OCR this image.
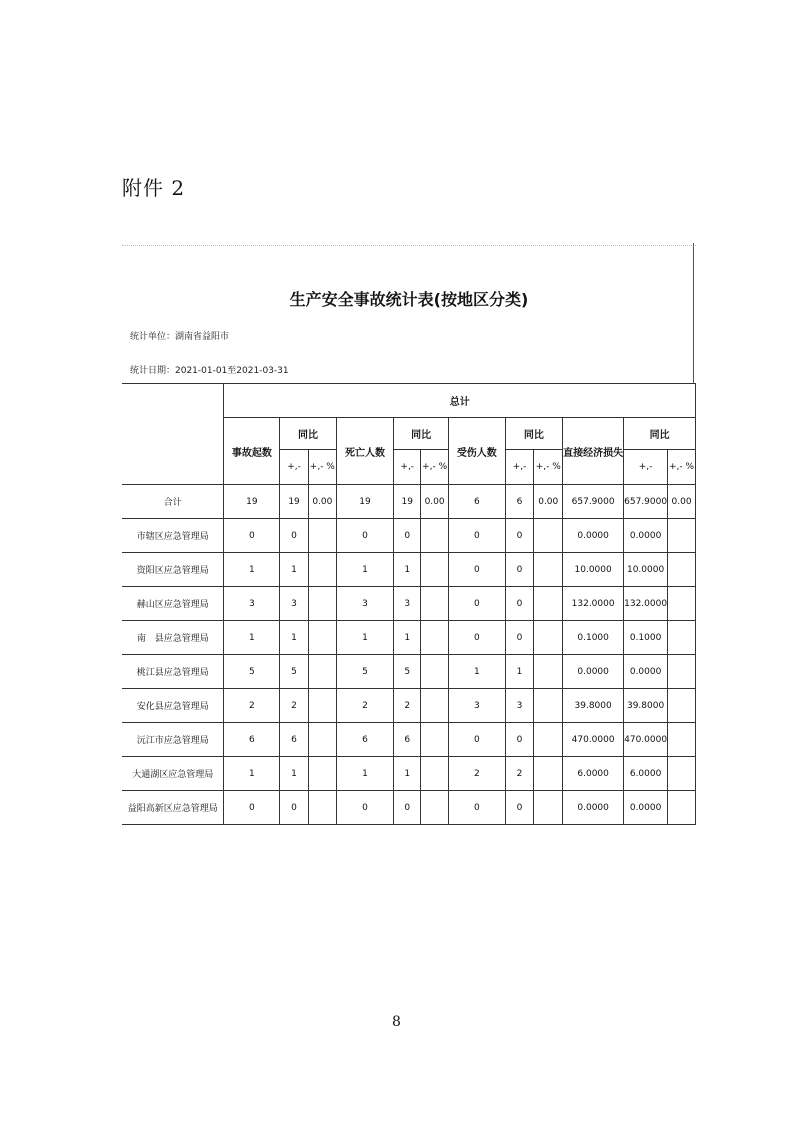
附件 2
生产安全事故统计表(按地区分类)
统计单位：湖南省益阳市
统计日期：2021-01-01至2021-03-31
	总计											
	事故起数	同比		死亡人数	同比		受伤人数	同比		直接经济损失	同比	
		+,-	+,- %		+,-	+,- %		+,-	+,- %		+,-	+,- %
合计	19	19	0.00	19	19	0.00	6	6	0.00	657.9000	657.9000	0.00
市辖区应急管理局	0	0		0	0		0	0		0.0000	0.0000	
资阳区应急管理局	1	1		1	1		0	0		10.0000	10.0000	
赫山区应急管理局	3	3		3	3		0	0		132.0000	132.0000	
南　县应急管理局	1	1		1	1		0	0		0.1000	0.1000	
桃江县应急管理局	5	5		5	5		1	1		0.0000	0.0000	
安化县应急管理局	2	2		2	2		3	3		39.8000	39.8000	
沅江市应急管理局	6	6		6	6		0	0		470.0000	470.0000	
大通湖区应急管理局	1	1		1	1		2	2		6.0000	6.0000	
益阳高新区应急管理局	0	0		0	0		0	0		0.0000	0.0000	
8
